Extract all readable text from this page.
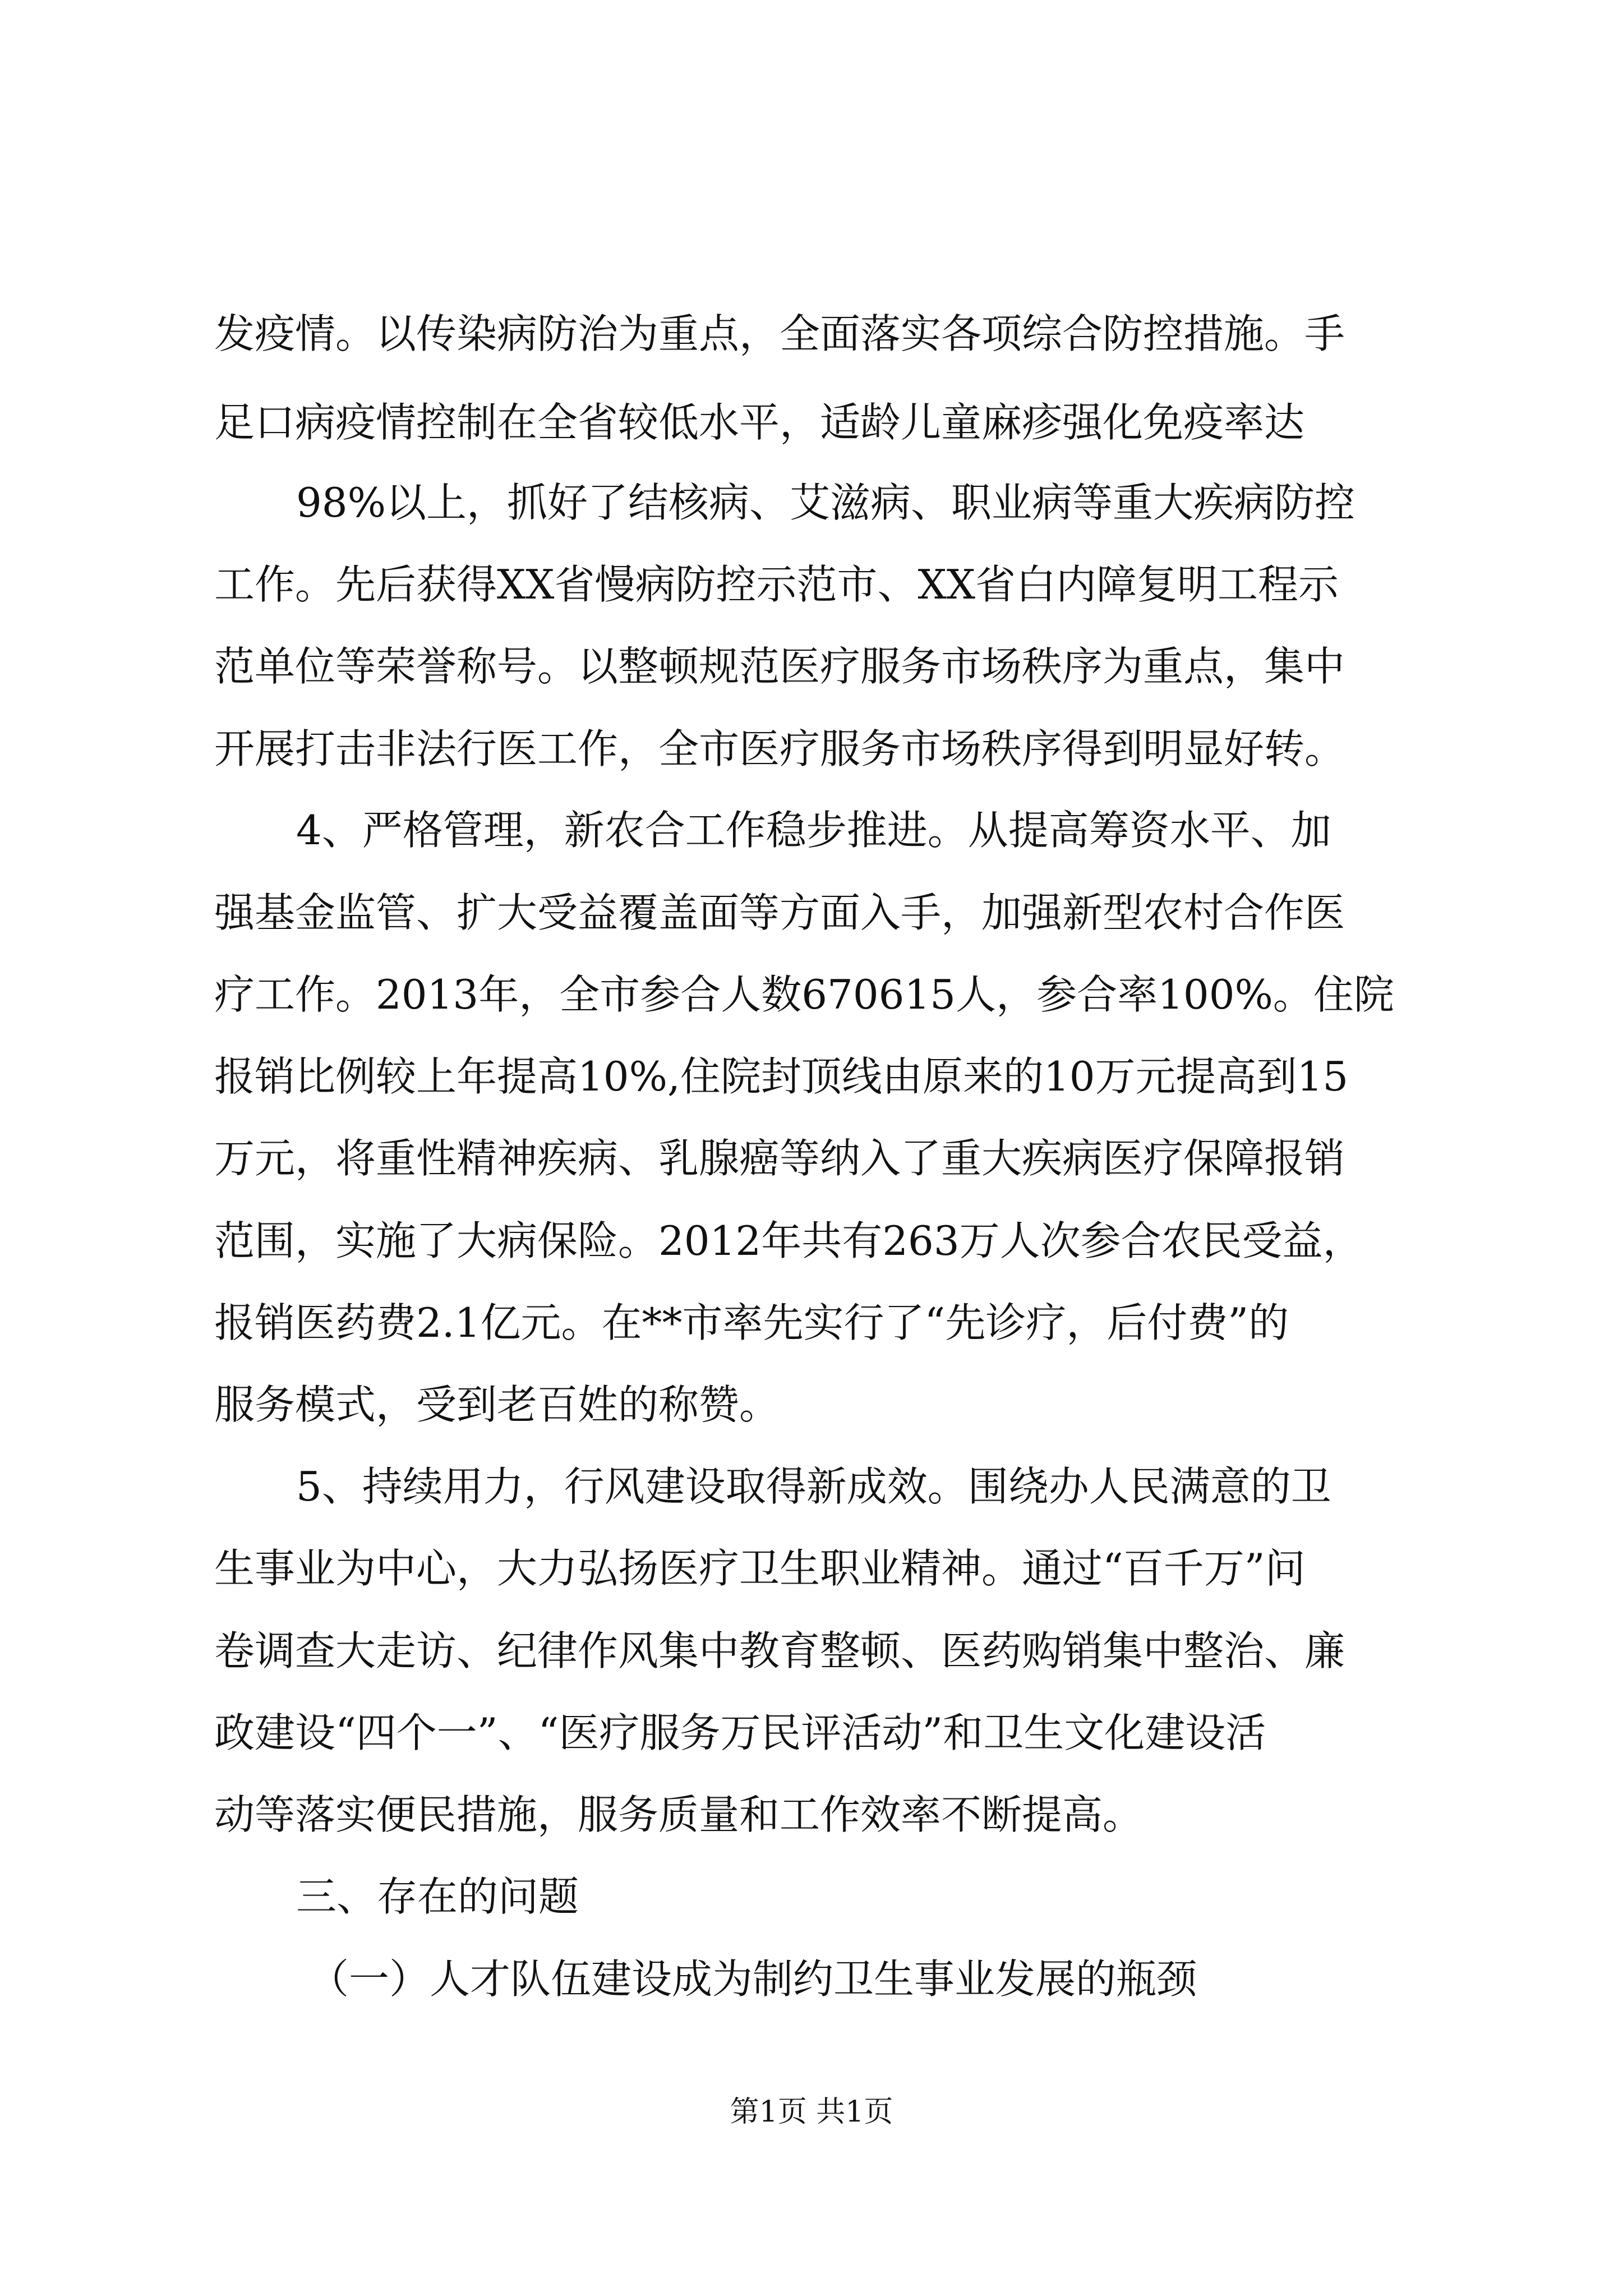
发疫情。以传染病防治为重点，全面落实各项综合防控措施。手

足口病疫情控制在全省较低水平，适龄儿童麻疹强化免疫率达

98%以上，抓好了结核病、艾滋病、职业病等重大疾病防控

工作。先后获得XX省慢病防控示范市、XX省白内障复明工程示

范单位等荣誉称号。以整顿规范医疗服务市场秩序为重点，集中

开展打击非法行医工作，全市医疗服务市场秩序得到明显好转。

4、严格管理，新农合工作稳步推进。从提高筹资水平、加

强基金监管、扩大受益覆盖面等方面入手，加强新型农村合作医

疗工作。2013年，全市参合人数670615人，参合率100%。住院

报销比例较上年提高10%,住院封顶线由原来的10万元提高到15

万元，将重性精神疾病、乳腺癌等纳入了重大疾病医疗保障报销

范围，实施了大病保险。2012年共有263万人次参合农民受益，

报销医药费2.1亿元。在**市率先实行了“先诊疗，后付费”的

服务模式，受到老百姓的称赞。

5、持续用力，行风建设取得新成效。围绕办人民满意的卫

生事业为中心，大力弘扬医疗卫生职业精神。通过“百千万”问

卷调查大走访、纪律作风集中教育整顿、医药购销集中整治、廉

政建设“四个一”、“医疗服务万民评活动”和卫生文化建设活

动等落实便民措施，服务质量和工作效率不断提高。

三、存在的问题

（一）人才队伍建设成为制约卫生事业发展的瓶颈

第1页 共1页
